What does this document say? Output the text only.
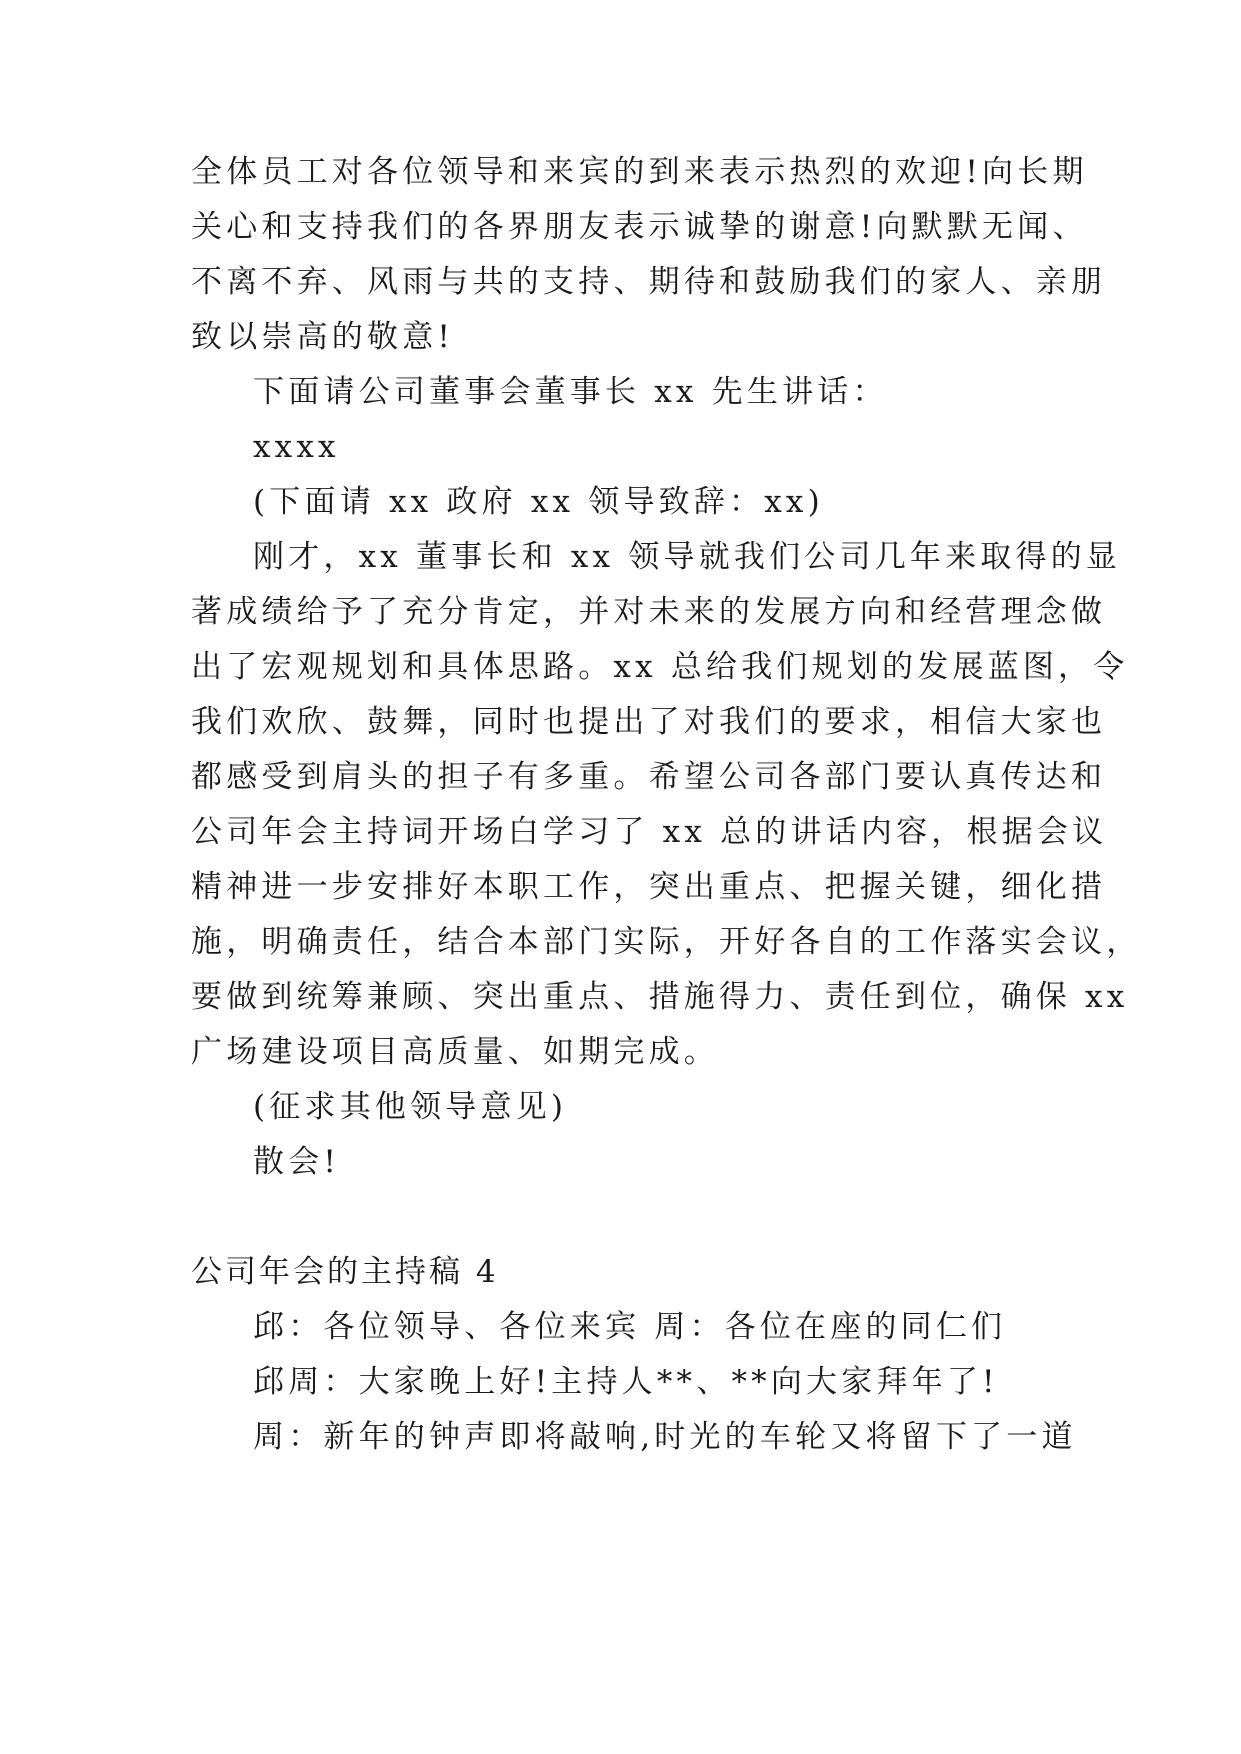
全体员工对各位领导和来宾的到来表示热烈的欢迎!向长期
关心和支持我们的各界朋友表示诚挚的谢意!向默默无闻、
不离不弃、风雨与共的支持、期待和鼓励我们的家人、亲朋
致以崇高的敬意!
下面请公司董事会董事长 xx 先生讲话：
xxxx
(下面请 xx 政府 xx 领导致辞：xx)
刚才，xx 董事长和 xx 领导就我们公司几年来取得的显
著成绩给予了充分肯定，并对未来的发展方向和经营理念做
出了宏观规划和具体思路。xx 总给我们规划的发展蓝图，令
我们欢欣、鼓舞，同时也提出了对我们的要求，相信大家也
都感受到肩头的担子有多重。希望公司各部门要认真传达和
公司年会主持词开场白学习了 xx 总的讲话内容，根据会议
精神进一步安排好本职工作，突出重点、把握关键，细化措
施，明确责任，结合本部门实际，开好各自的工作落实会议，
要做到统筹兼顾、突出重点、措施得力、责任到位，确保 xx
广场建设项目高质量、如期完成。
(征求其他领导意见)
散会!
公司年会的主持稿 4
邱：各位领导、各位来宾 周：各位在座的同仁们
邱周：大家晚上好!主持人**、**向大家拜年了!
周：新年的钟声即将敲响,时光的车轮又将留下了一道
